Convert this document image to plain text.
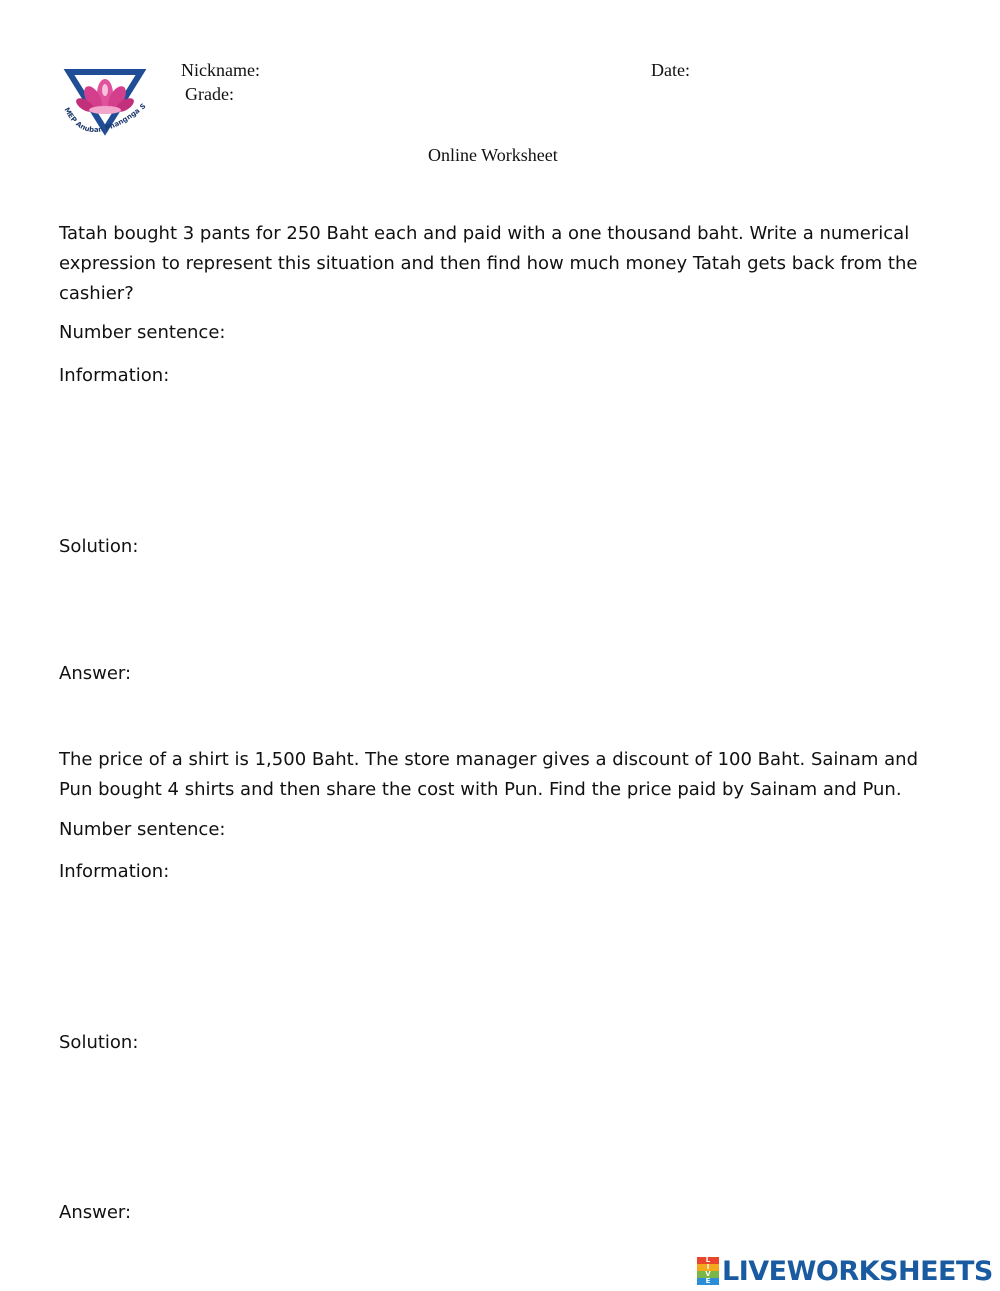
MEP Anuban Phangnga S
Nickname:
Grade:
Date:
Online Worksheet
Tatah bought 3 pants for 250 Baht each and paid with a one thousand baht. Write a numerical expression to represent this situation and then find how much money Tatah gets back from the cashier?
Number sentence:
Information:
Solution:
Answer:
The price of a shirt is 1,500 Baht. The store manager gives a discount of 100 Baht. Sainam and Pun bought 4 shirts and then share the cost with Pun. Find the price paid by Sainam and Pun.
Number sentence:
Information:
Solution:
Answer:
L
I
V
E LIVEWORKSHEETS
